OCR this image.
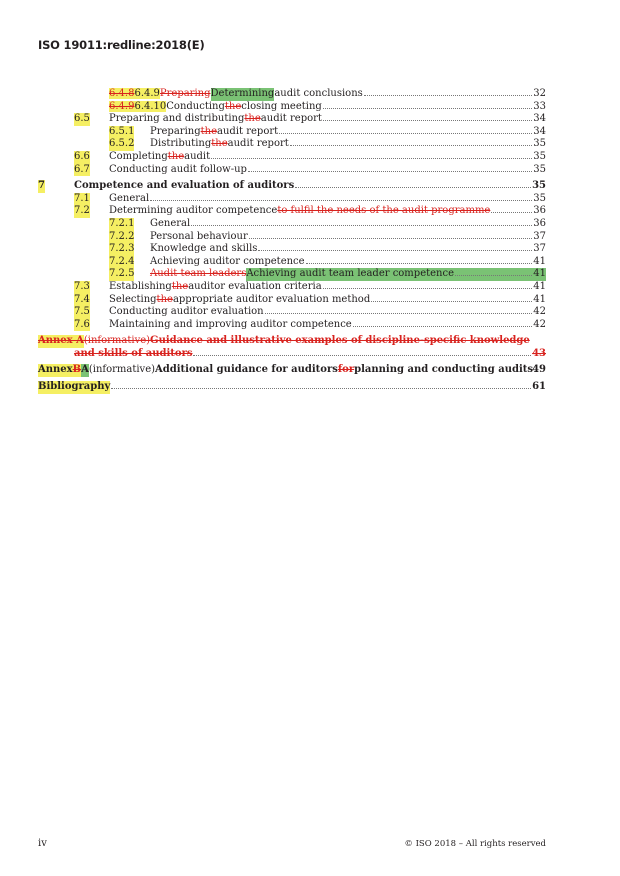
ISO 19011:redline:2018(E)
6.4.86.4.9 Preparing Determining audit conclusions	32
6.4.96.4.10 Conducting the closing meeting	33
6.5 Preparing and distributing the audit report	34
6.5.1 Preparing the audit report	34
6.5.2 Distributing the audit report	35
6.6 Completing the audit	35
6.7 Conducting audit follow-up	35
7	Competence and evaluation of auditors	35
7.1 General	35
7.2 Determining auditor competence to fulfil the needs of the audit programme	36
7.2.1 General	36
7.2.2 Personal behaviour	37
7.2.3 Knowledge and skills	37
7.2.4 Achieving auditor competence	41
7.2.5 Audit team leaders Achieving audit team leader competence	41
7.3 Establishing the auditor evaluation criteria	41
7.4 Selecting the appropriate auditor evaluation method	41
7.5 Conducting auditor evaluation	42
7.6 Maintaining and improving auditor competence	42
Annex A (informative) Guidance and illustrative examples of discipline-specific knowledge
and skills of auditors	43
Annex B A (informative) Additional guidance for auditors for planning and conducting audits 49
Bibliography	61
iv	© ISO 2018 – All rights reserved
